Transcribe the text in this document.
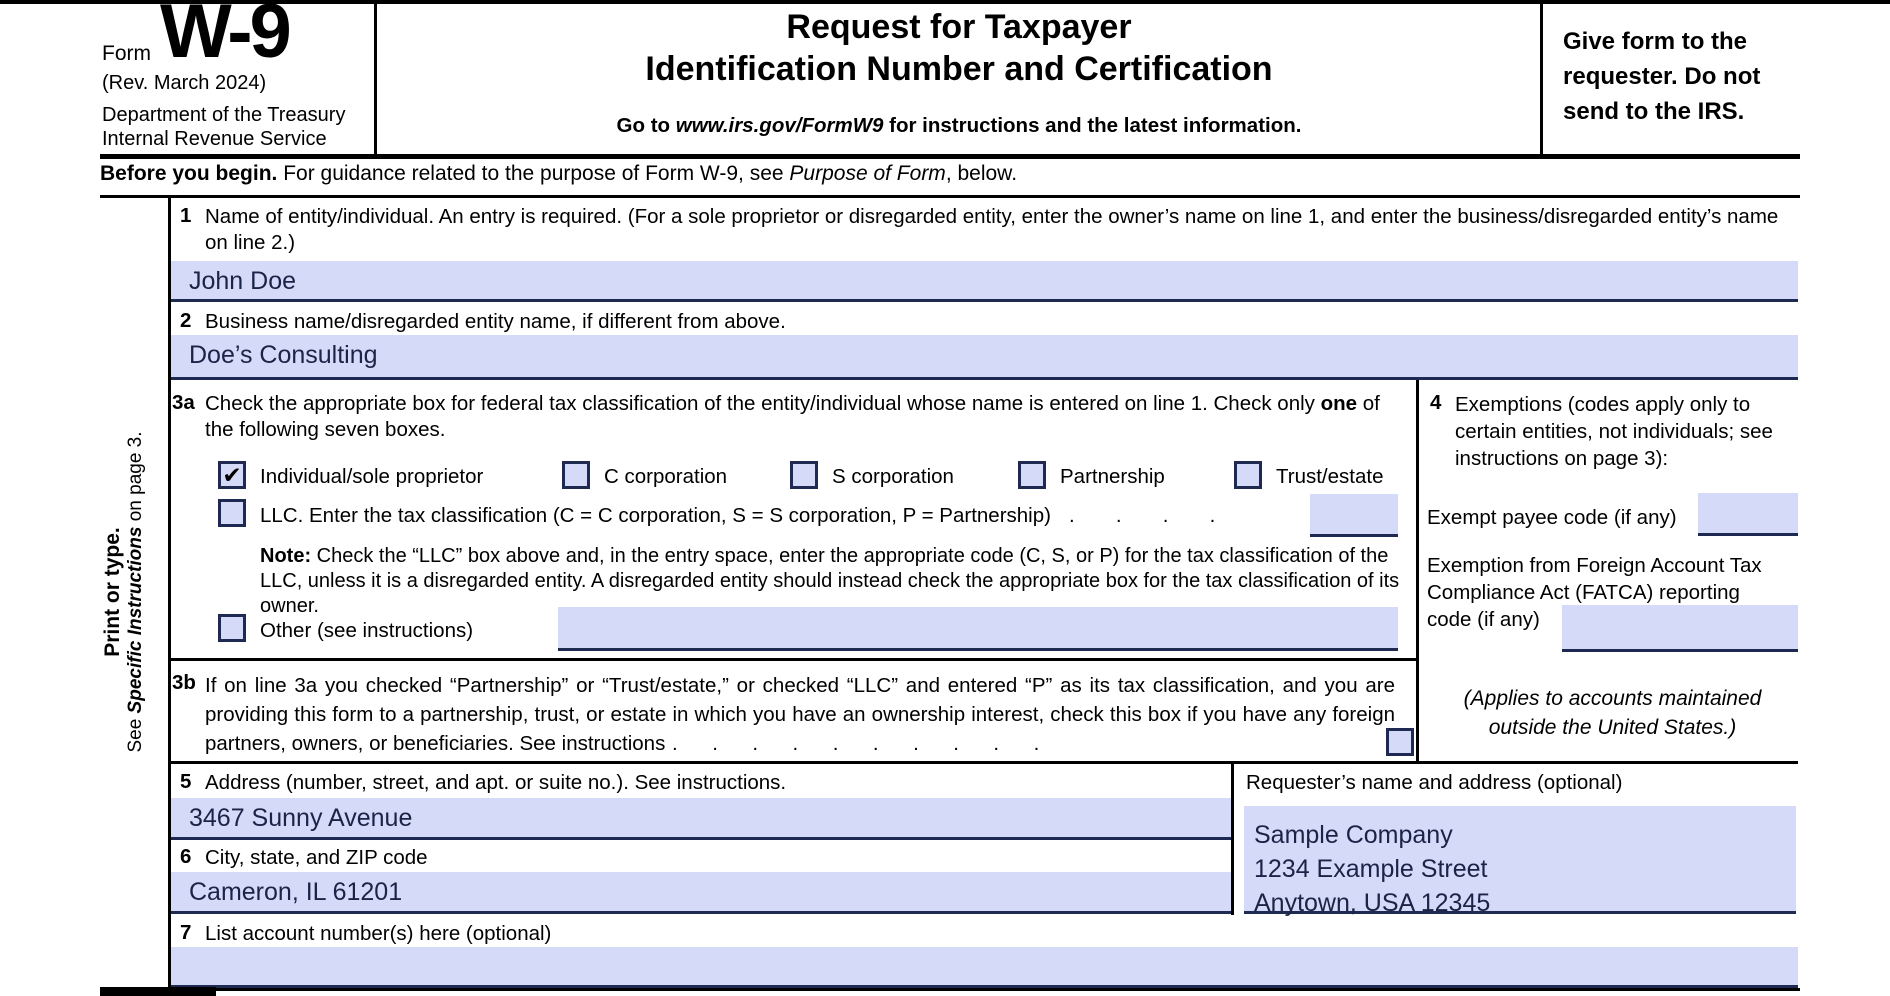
Form W-9
(Rev. March 2024)
Department of the Treasury
Internal Revenue Service
Request for Taxpayer
Identification Number and Certification
Go to www.irs.gov/FormW9 for instructions and the latest information.
Give form to the requester. Do not send to the IRS.
Before you begin. For guidance related to the purpose of Form W-9, see Purpose of Form, below.
Print or type.
See Specific Instructions on page 3.
1 Name of entity/individual. An entry is required. (For a sole proprietor or disregarded entity, enter the owner’s name on line 1, and enter the business/disregarded entity’s name on line 2.)
John Doe
2 Business name/disregarded entity name, if different from above.
Doe’s Consulting
3a Check the appropriate box for federal tax classification of the entity/individual whose name is entered on line 1. Check only one of the following seven boxes.
✔ Individual/sole proprietor	C corporation	S corporation	Partnership	Trust/estate
LLC. Enter the tax classification (C = C corporation, S = S corporation, P = Partnership) .      .      .      .
Note: Check the “LLC” box above and, in the entry space, enter the appropriate code (C, S, or P) for the tax classification of the LLC, unless it is a disregarded entity. A disregarded entity should instead check the appropriate box for the tax classification of its owner.
Other (see instructions)
4 Exemptions (codes apply only to certain entities, not individuals; see instructions on page 3):
Exempt payee code (if any)
Exemption from Foreign Account Tax Compliance Act (FATCA) reporting code (if any)
(Applies to accounts maintained outside the United States.)
3b If on line 3a you checked “Partnership” or “Trust/estate,” or checked “LLC” and entered “P” as its tax classification, and you are providing this form to a partnership, trust, or estate in which you have an ownership interest, check this box if you have any foreign partners, owners, or beneficiaries. See instructions .     .     .     .     .     .     .     .     .     .
5 Address (number, street, and apt. or suite no.). See instructions.
3467 Sunny Avenue
Requester’s name and address (optional)
Sample Company
1234 Example Street
Anytown, USA 12345
6 City, state, and ZIP code
Cameron, IL 61201
7 List account number(s) here (optional)
